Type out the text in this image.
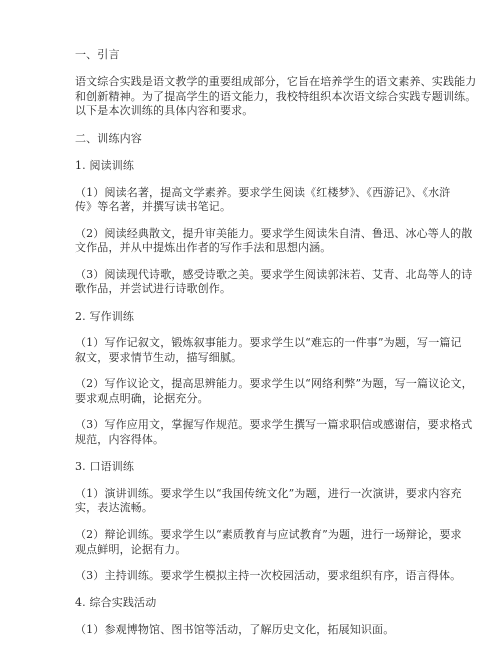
一、引言

语文综合实践是语文教学的重要组成部分，它旨在培养学生的语文素养、实践能力

和创新精神。为了提高学生的语文能力，我校特组织本次语文综合实践专题训练。

以下是本次训练的具体内容和要求。

二、训练内容

1. 阅读训练

（1）阅读名著，提高文学素养。要求学生阅读《红楼梦》、《西游记》、《水浒

传》等名著，并撰写读书笔记。

（2）阅读经典散文，提升审美能力。要求学生阅读朱自清、鲁迅、冰心等人的散

文作品，并从中提炼出作者的写作手法和思想内涵。

（3）阅读现代诗歌，感受诗歌之美。要求学生阅读郭沫若、艾青、北岛等人的诗

歌作品，并尝试进行诗歌创作。

2. 写作训练

（1）写作记叙文，锻炼叙事能力。要求学生以“难忘的一件事”为题，写一篇记

叙文，要求情节生动，描写细腻。

（2）写作议论文，提高思辨能力。要求学生以“网络利弊”为题，写一篇议论文，

要求观点明确，论据充分。

（3）写作应用文，掌握写作规范。要求学生撰写一篇求职信或感谢信，要求格式

规范，内容得体。

3. 口语训练

（1）演讲训练。要求学生以“我国传统文化”为题，进行一次演讲，要求内容充

实，表达流畅。

（2）辩论训练。要求学生以“素质教育与应试教育”为题，进行一场辩论，要求

观点鲜明，论据有力。

（3）主持训练。要求学生模拟主持一次校园活动，要求组织有序，语言得体。

4. 综合实践活动

（1）参观博物馆、图书馆等活动，了解历史文化，拓展知识面。
